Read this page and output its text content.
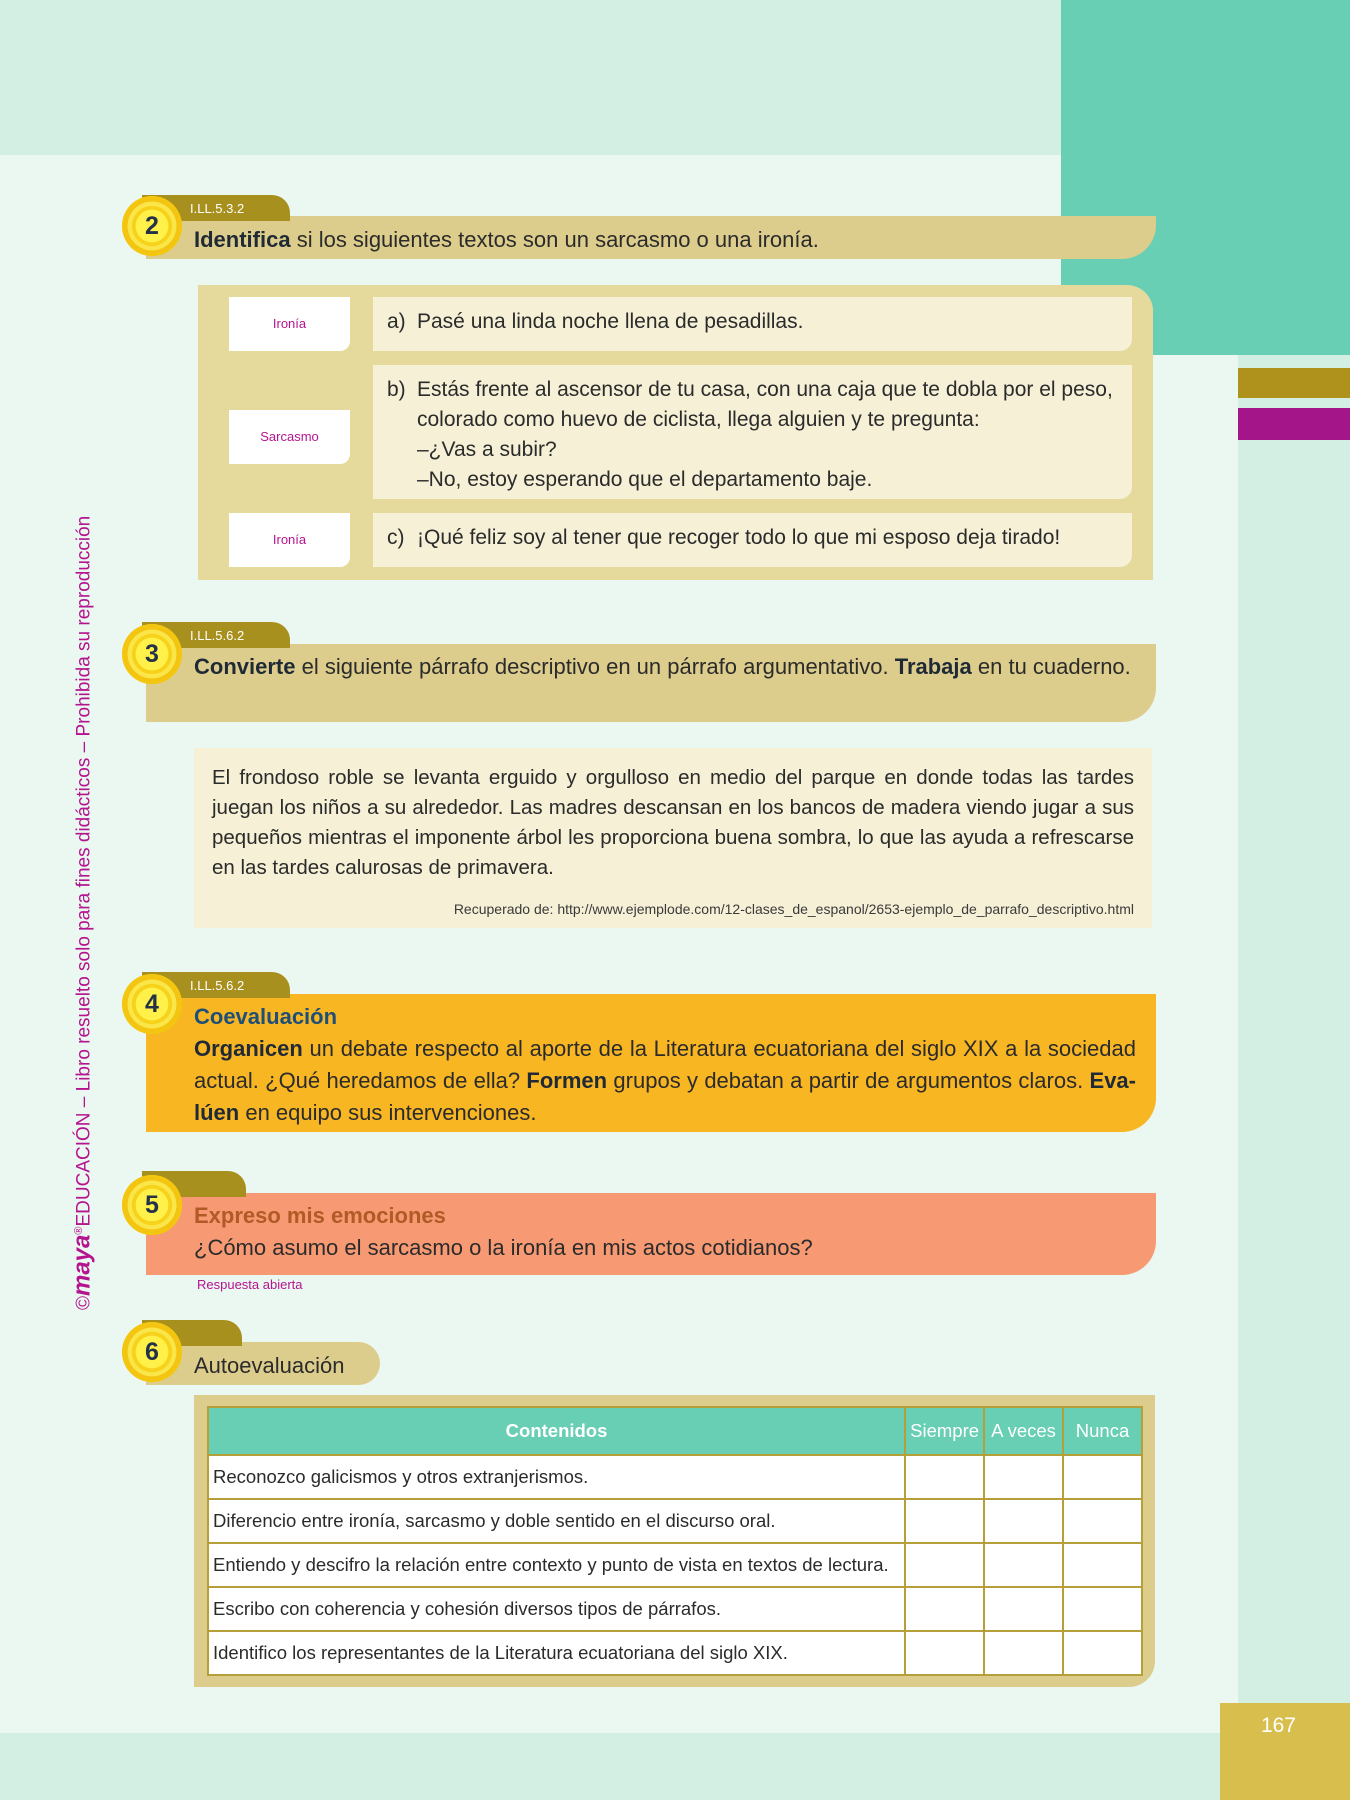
167
©maya®EDUCACIÓN – Libro resuelto solo para fines didácticos – Prohibida su reproducción
I.LL.5.3.2
2	Identifica si los siguientes textos son un sarcasmo o una ironía.
Ironía	a) Pasé una linda noche llena de pesadillas.
Sarcasmo
b) Estás frente al ascensor de tu casa, con una caja que te dobla por el peso,
colorado como huevo de ciclista, llega alguien y te pregunta:
–¿Vas a subir?
–No, estoy esperando que el departamento baje.
Ironía	c) ¡Qué feliz soy al tener que recoger todo lo que mi esposo deja tirado!
I.LL.5.6.2
3	Convierte el siguiente párrafo descriptivo en un párrafo argumentativo. Trabaja en tu cuaderno.
El frondoso roble se levanta erguido y orgulloso en medio del parque en donde todas las tardes juegan los niños a su alrededor. Las madres descansan en los bancos de madera viendo jugar a sus pequeños mientras el imponente árbol les proporciona buena sombra, lo que las ayuda a refrescarse en las tardes calurosas de primavera.
Recuperado de: http://www.ejemplode.com/12-clases_de_espanol/2653-ejemplo_de_parrafo_descriptivo.html
I.LL.5.6.2
4	Coevaluación
Organicen un debate respecto al aporte de la Literatura ecuatoriana del siglo XIX a la sociedad actual. ¿Qué heredamos de ella? Formen grupos y debatan a partir de argumentos claros. Eva-lúen en equipo sus intervenciones.
5	Expreso mis emociones
¿Cómo asumo el sarcasmo o la ironía en mis actos cotidianos?
Respuesta abierta
6	Autoevaluación
Contenidos	Siempre	A veces	Nunca
Reconozco galicismos y otros extranjerismos.			
Diferencio entre ironía, sarcasmo y doble sentido en el discurso oral.			
Entiendo y descifro la relación entre contexto y punto de vista en textos de lectura.			
Escribo con coherencia y cohesión diversos tipos de párrafos.			
Identifico los representantes de la Literatura ecuatoriana del siglo XIX.			
